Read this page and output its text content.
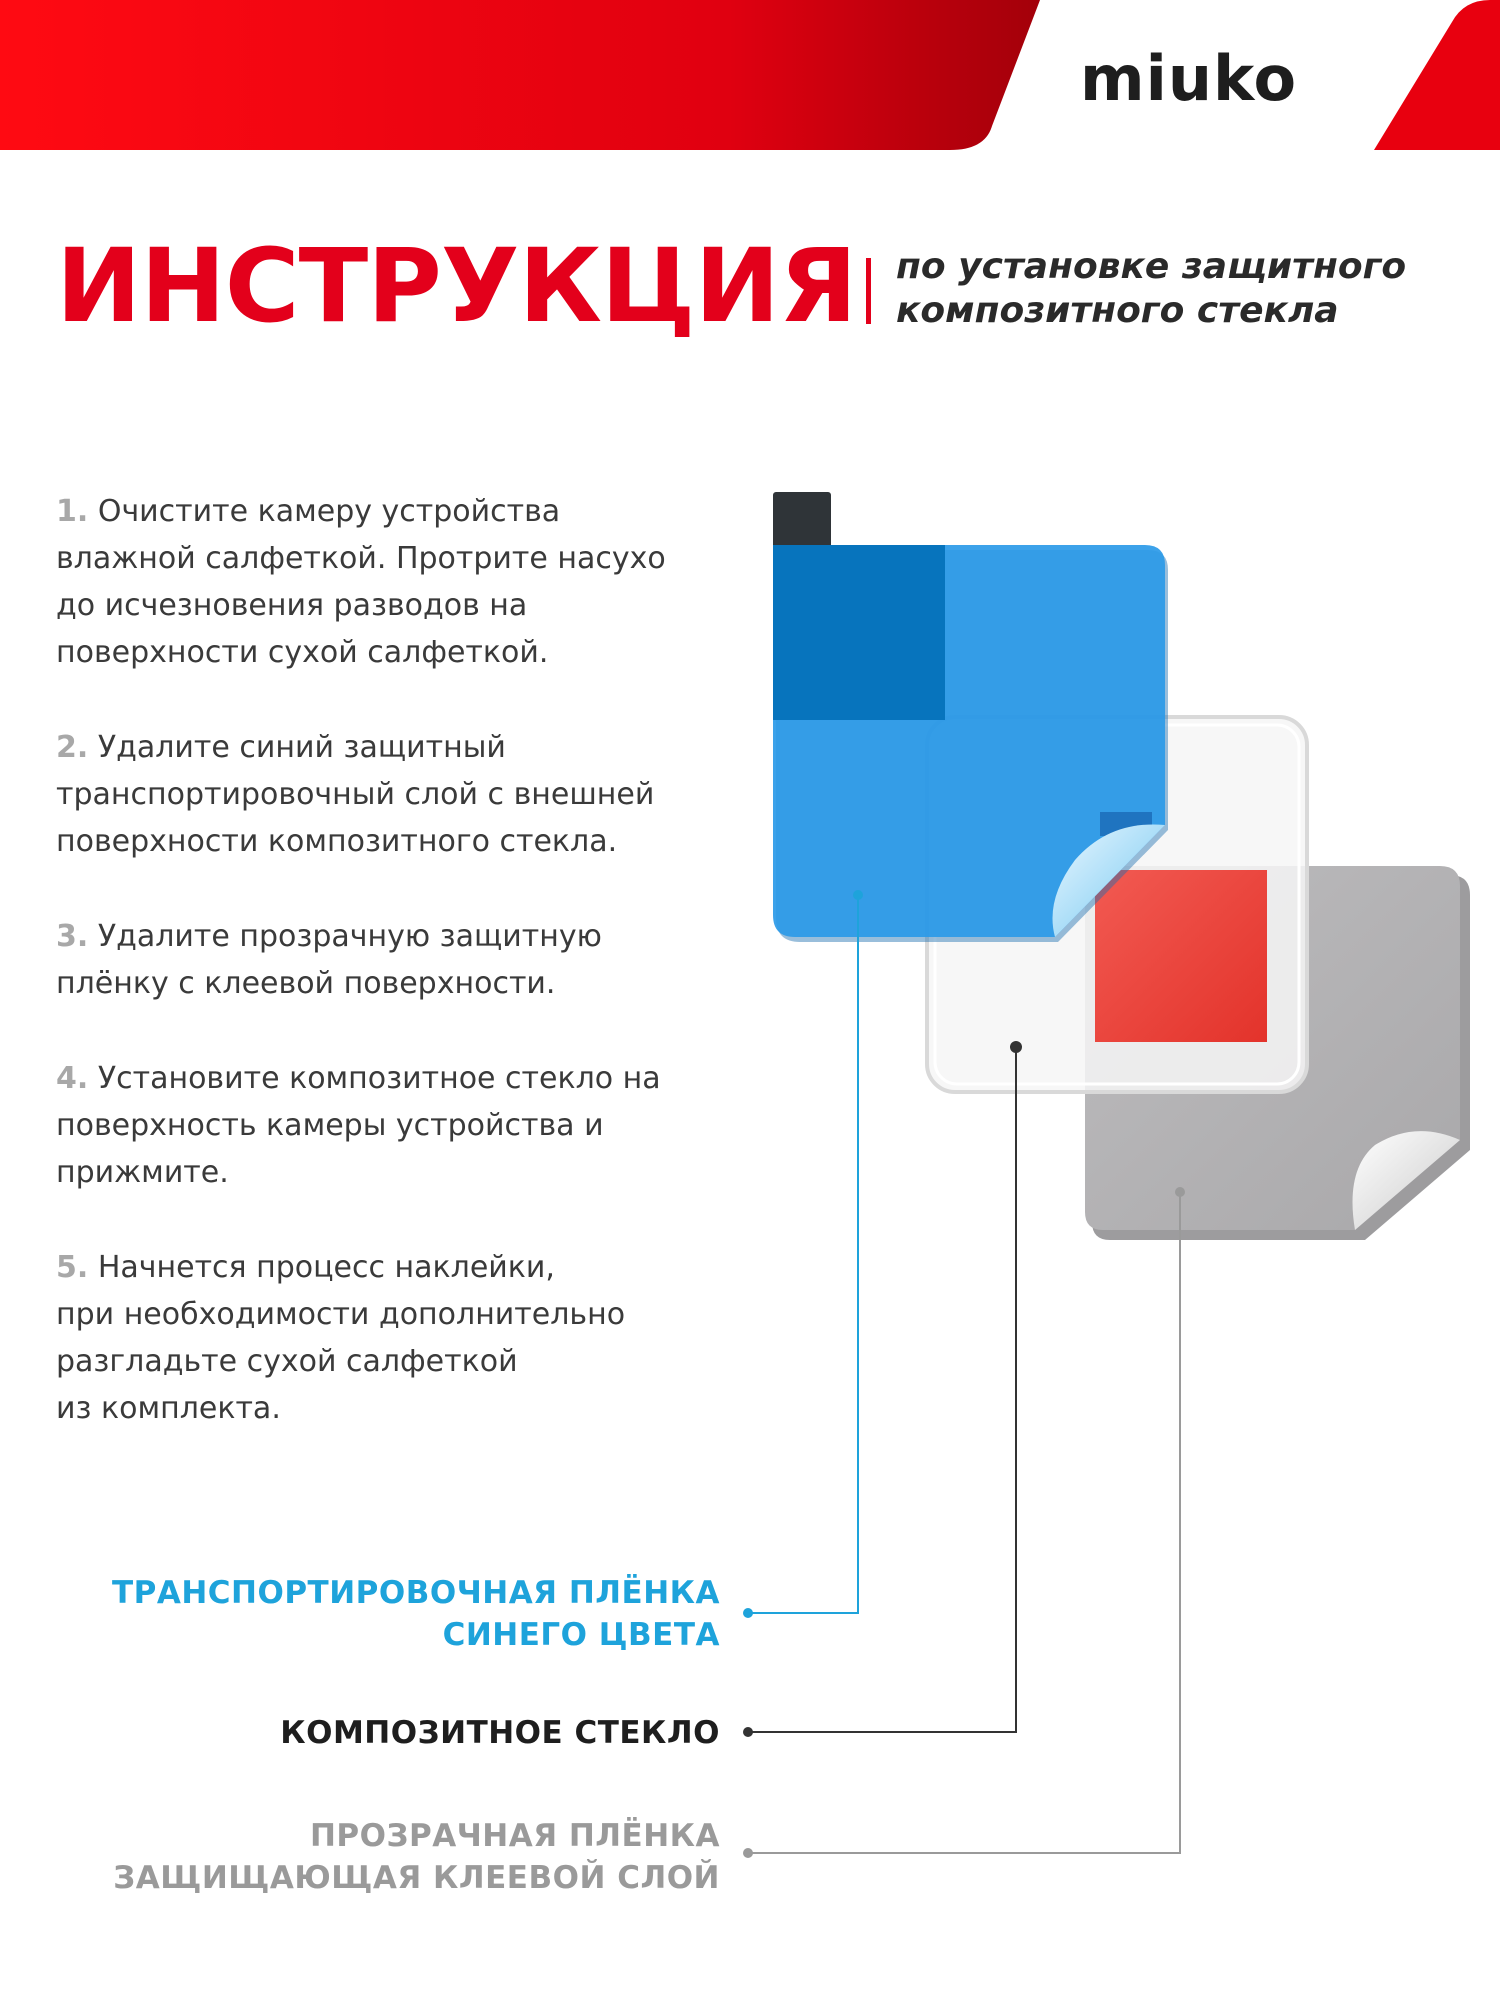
miuko
ИНСТРУКЦИЯ по установке защитного
композитного стекла

1. Очистите камеру устройства
влажной салфеткой. Протрите насухо
до исчезновения разводов на
поверхности сухой салфеткой.

2. Удалите синий защитный
транспортировочный слой с внешней
поверхности композитного стекла.

3. Удалите прозрачную защитную
плёнку с клеевой поверхности.

4. Установите композитное стекло на
поверхность камеры устройства и
прижмите.

5. Начнется процесс наклейки,
при необходимости дополнительно
разгладьте сухой салфеткой
из комплекта.

ТРАНСПОРТИРОВОЧНАЯ ПЛЁНКА
СИНЕГО ЦВЕТА
КОМПОЗИТНОЕ СТЕКЛО
ПРОЗРАЧНАЯ ПЛЁНКА
ЗАЩИЩАЮЩАЯ КЛЕЕВОЙ СЛОЙ
